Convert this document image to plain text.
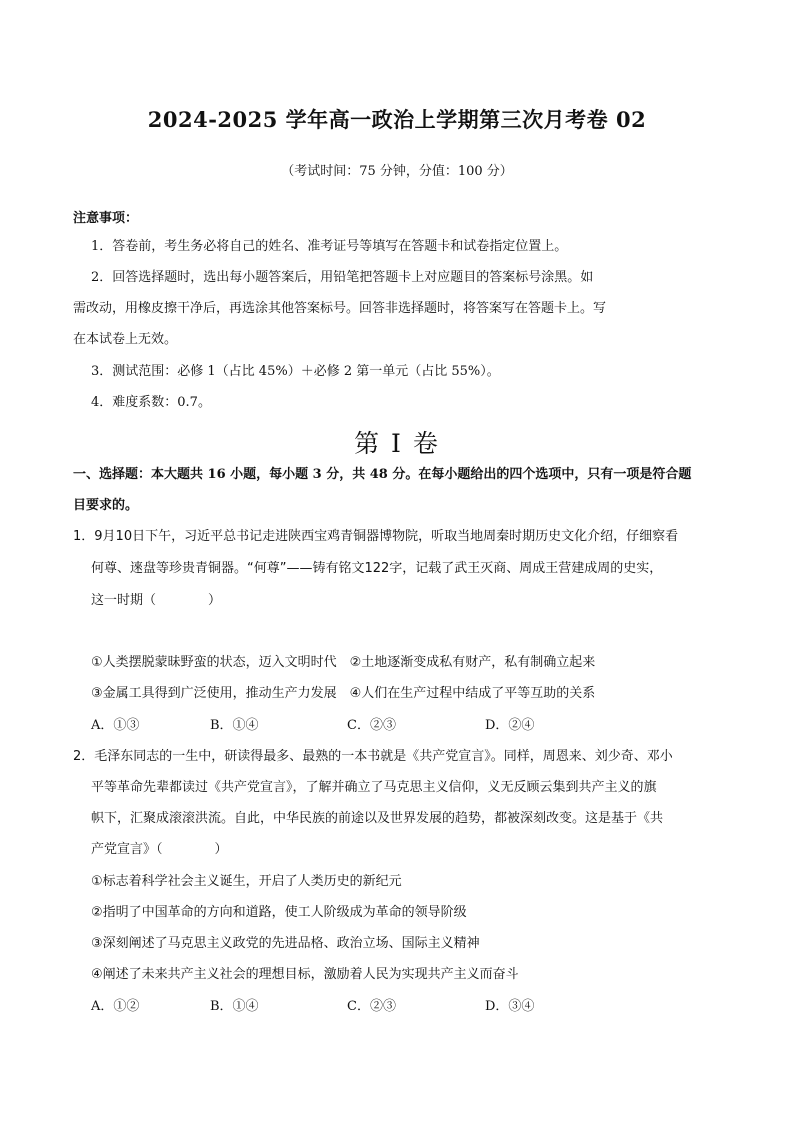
2024-2025 学年高一政治上学期第三次月考卷 02
（考试时间：75 分钟，分值：100 分）
注意事项：
1．答卷前，考生务必将自己的姓名、准考证号等填写在答题卡和试卷指定位置上。
2．回答选择题时，选出每小题答案后，用铅笔把答题卡上对应题目的答案标号涂黑。如
需改动，用橡皮擦干净后，再选涂其他答案标号。回答非选择题时，将答案写在答题卡上。写
在本试卷上无效。
3．测试范围：必修 1（占比 45%）＋必修 2 第一单元（占比 55%）。
4．难度系数：0.7。
第 I 卷
一、选择题：本大题共 16 小题，每小题 3 分，共 48 分。在每小题给出的四个选项中，只有一项是符合题
目要求的。
1．9月10日下午，习近平总书记走进陕西宝鸡青铜器博物院，听取当地周秦时期历史文化介绍，仔细察看
何尊、逨盘等珍贵青铜器。“何尊”——铸有铭文122字，记载了武王灭商、周成王营建成周的史实，
这一时期（　　　　）
①人类摆脱蒙昧野蛮的状态，迈入文明时代　②土地逐渐变成私有财产，私有制确立起来
③金属工具得到广泛使用，推动生产力发展　④人们在生产过程中结成了平等互助的关系
A．①③	B．①④	C．②③	D．②④
2．毛泽东同志的一生中，研读得最多、最熟的一本书就是《共产党宣言》。同样，周恩来、刘少奇、邓小
平等革命先辈都读过《共产党宣言》，了解并确立了马克思主义信仰，义无反顾云集到共产主义的旗
帜下，汇聚成滚滚洪流。自此，中华民族的前途以及世界发展的趋势，都被深刻改变。这是基于《共
产党宣言》（　　　　）
①标志着科学社会主义诞生，开启了人类历史的新纪元
②指明了中国革命的方向和道路，使工人阶级成为革命的领导阶级
③深刻阐述了马克思主义政党的先进品格、政治立场、国际主义精神
④阐述了未来共产主义社会的理想目标，激励着人民为实现共产主义而奋斗
A．①②	B．①④	C．②③	D．③④
